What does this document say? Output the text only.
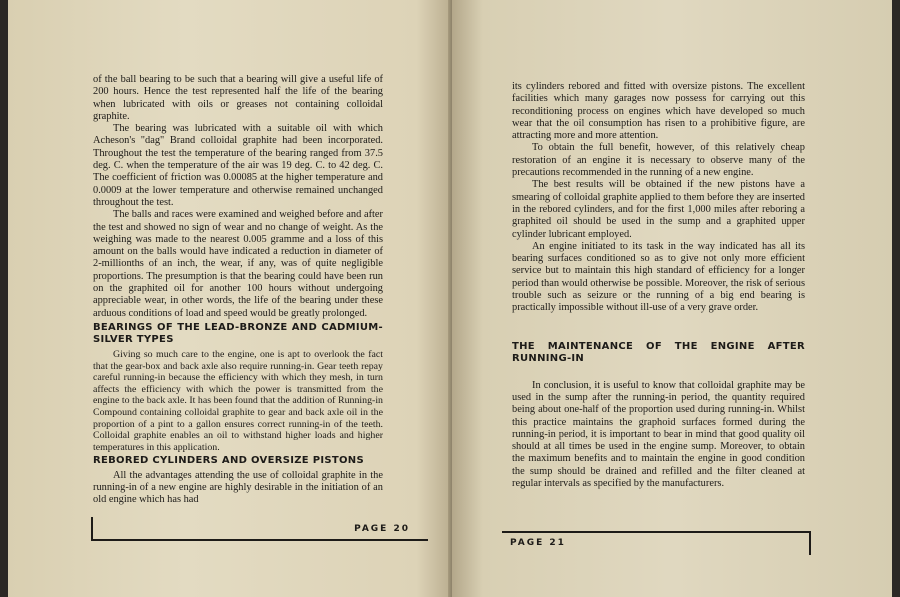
of the ball bearing to be such that a bearing will give a useful life of 200 hours. Hence the test represented half the life of the bearing when lubricated with oils or greases not containing colloidal graphite.

The bearing was lubricated with a suitable oil with which Acheson's "dag" Brand colloidal graphite had been incorporated. Throughout the test the temperature of the bearing ranged from 37.5 deg. C. when the temperature of the air was 19 deg. C. to 42 deg. C. The coefficient of friction was 0.00085 at the higher temperature and 0.0009 at the lower temperature and otherwise remained unchanged throughout the test.

The balls and races were examined and weighed before and after the test and showed no sign of wear and no change of weight. As the weighing was made to the nearest 0.005 gramme and a loss of this amount on the balls would have indicated a reduction in diameter of 2-millionths of an inch, the wear, if any, was of quite negligible proportions. The presumption is that the bearing could have been run on the graphited oil for another 100 hours without undergoing appreciable wear, in other words, the life of the bearing under these arduous conditions of load and speed would be greatly prolonged.

BEARINGS OF THE LEAD-BRONZE AND CADMIUM-SILVER TYPES

Giving so much care to the engine, one is apt to overlook the fact that the gear-box and back axle also require running-in. Gear teeth repay careful running-in because the efficiency with which they mesh, in turn affects the efficiency with which the power is transmitted from the engine to the back axle. It has been found that the addition of Running-in Compound containing colloidal graphite to gear and back axle oil in the proportion of a pint to a gallon ensures correct running-in of the teeth. Colloidal graphite enables an oil to withstand higher loads and higher temperatures in this application.

REBORED CYLINDERS AND OVERSIZE PISTONS

All the advantages attending the use of colloidal graphite in the running-in of a new engine are highly desirable in the initiation of an old engine which has had

PAGE 20

its cylinders rebored and fitted with oversize pistons. The excellent facilities which many garages now possess for carrying out this reconditioning process on engines which have developed so much wear that the oil consumption has risen to a prohibitive figure, are attracting more and more attention.

To obtain the full benefit, however, of this relatively cheap restoration of an engine it is necessary to observe many of the precautions recommended in the running of a new engine.

The best results will be obtained if the new pistons have a smearing of colloidal graphite applied to them before they are inserted in the rebored cylinders, and for the first 1,000 miles after reboring a graphited oil should be used in the sump and a graphited upper cylinder lubricant employed.

An engine initiated to its task in the way indicated has all its bearing surfaces conditioned so as to give not only more efficient service but to maintain this high standard of efficiency for a longer period than would otherwise be possible. Moreover, the risk of serious trouble such as seizure or the running of a big end bearing is practically impossible without ill-use of a very grave order.

THE MAINTENANCE OF THE ENGINE AFTER RUNNING-IN

In conclusion, it is useful to know that colloidal graphite may be used in the sump after the running-in period, the quantity required being about one-half of the proportion used during running-in. Whilst this practice maintains the graphoid surfaces formed during the running-in period, it is important to bear in mind that good quality oil should at all times be used in the engine sump. Moreover, to obtain the maximum benefits and to maintain the engine in good condition the sump should be drained and refilled and the filter cleaned at regular intervals as specified by the manufacturers.

PAGE 21
